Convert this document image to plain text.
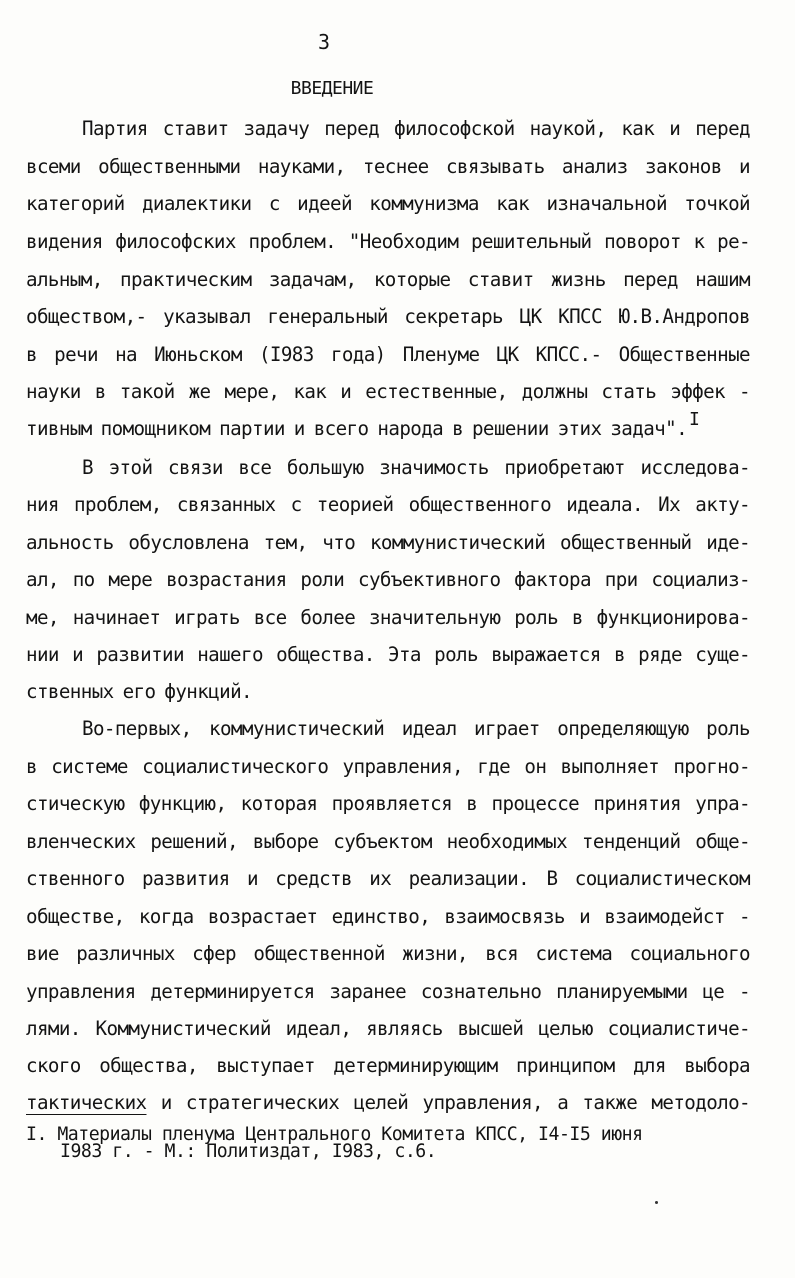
3
ВВЕДЕНИЕ
Партия ставит задачу перед философской наукой, как и перед
всеми общественными науками, теснее связывать анализ законов и
категорий диалектики с идеей коммунизма как изначальной точкой
видения философских проблем. "Необходим решительный поворот к ре-
альным, практическим задачам, которые ставит жизнь перед нашим
обществом,- указывал генеральный секретарь ЦК КПСС Ю.В.Андропов
в речи на Июньском (I983 года) Пленуме ЦК КПСС.- Общественные
науки в такой же мере, как и естественные, должны стать эффек -
тивным помощником партии и всего народа в решении этих задач". I
В этой связи все большую значимость приобретают исследова-
ния проблем, связанных с теорией общественного идеала. Их акту-
альность обусловлена тем, что коммунистический общественный иде-
ал, по мере возрастания роли субъективного фактора при социализ-
ме, начинает играть все более значительную роль в функционирова-
нии и развитии нашего общества. Эта роль выражается в ряде суще-
ственных его функций.
Во-первых, коммунистический идеал играет определяющую роль
в системе социалистического управления, где он выполняет прогно-
стическую функцию, которая проявляется в процессе принятия упра-
вленческих решений, выборе субъектом необходимых тенденций обще-
ственного развития и средств их реализации. В социалистическом
обществе, когда возрастает единство, взаимосвязь и взаимодейст -
вие различных сфер общественной жизни, вся система социального
управления детерминируется заранее сознательно планируемыми це -
лями. Коммунистический идеал, являясь высшей целью социалистиче-
ского общества, выступает детерминирующим принципом для выбора
тактических и стратегических целей управления, а также методоло-
I. Материалы пленума Центрального Комитета КПСС, I4-I5 июня
I983 г. - М.: Политиздат, I983, с.6.
